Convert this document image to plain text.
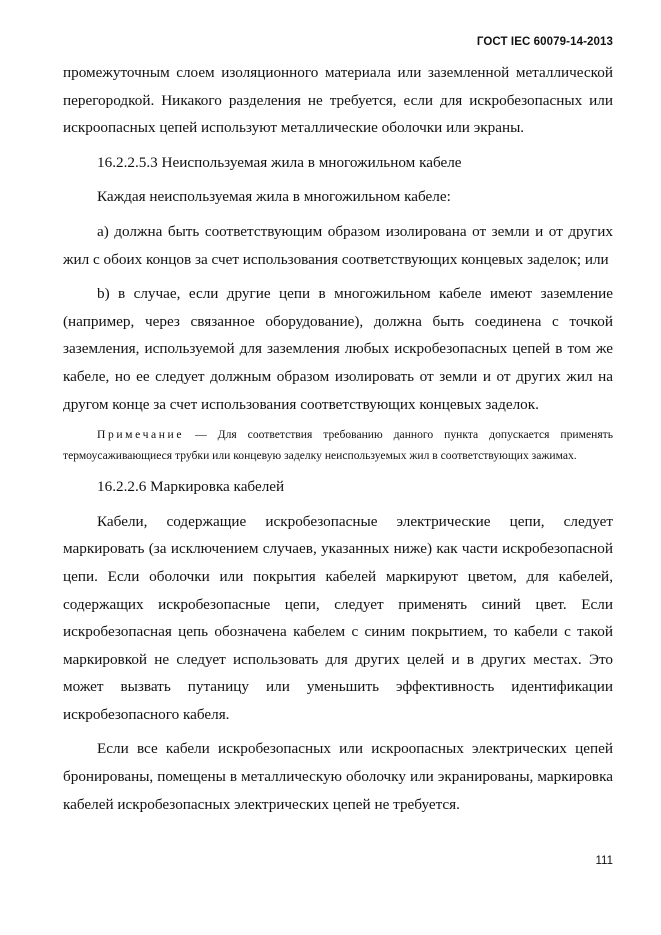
ГОСТ IEC 60079-14-2013

промежуточным слоем изоляционного материала или заземленной металлической перегородкой. Никакого разделения не требуется, если для искробезопасных или искроопасных цепей используют металлические оболочки или экраны.

16.2.2.5.3 Неиспользуемая жила в многожильном кабеле

Каждая неиспользуемая жила в многожильном кабеле:

а) должна быть соответствующим образом изолирована от земли и от других жил с обоих концов за счет использования соответствующих концевых заделок; или

b) в случае, если другие цепи в многожильном кабеле имеют заземление (например, через связанное оборудование), должна быть соединена с точкой заземления, используемой для заземления любых искробезопасных цепей в том же кабеле, но ее следует должным образом изолировать от земли и от других жил на другом конце за счет использования соответствующих концевых заделок.

Примечание — Для соответствия требованию данного пункта допускается применять термоусаживающиеся трубки или концевую заделку неиспользуемых жил в соответствующих зажимах.

16.2.2.6 Маркировка кабелей

Кабели, содержащие искробезопасные электрические цепи, следует маркировать (за исключением случаев, указанных ниже) как части искробезопасной цепи. Если оболочки или покрытия кабелей маркируют цветом, для кабелей, содержащих искробезопасные цепи, следует применять синий цвет. Если искробезопасная цепь обозначена кабелем с синим покрытием, то кабели с такой маркировкой не следует использовать для других целей и в других местах. Это может вызвать путаницу или уменьшить эффективность идентификации искробезопасного кабеля.

Если все кабели искробезопасных или искроопасных электрических цепей бронированы, помещены в металлическую оболочку или экранированы, маркировка кабелей искробезопасных электрических цепей не требуется.

111
